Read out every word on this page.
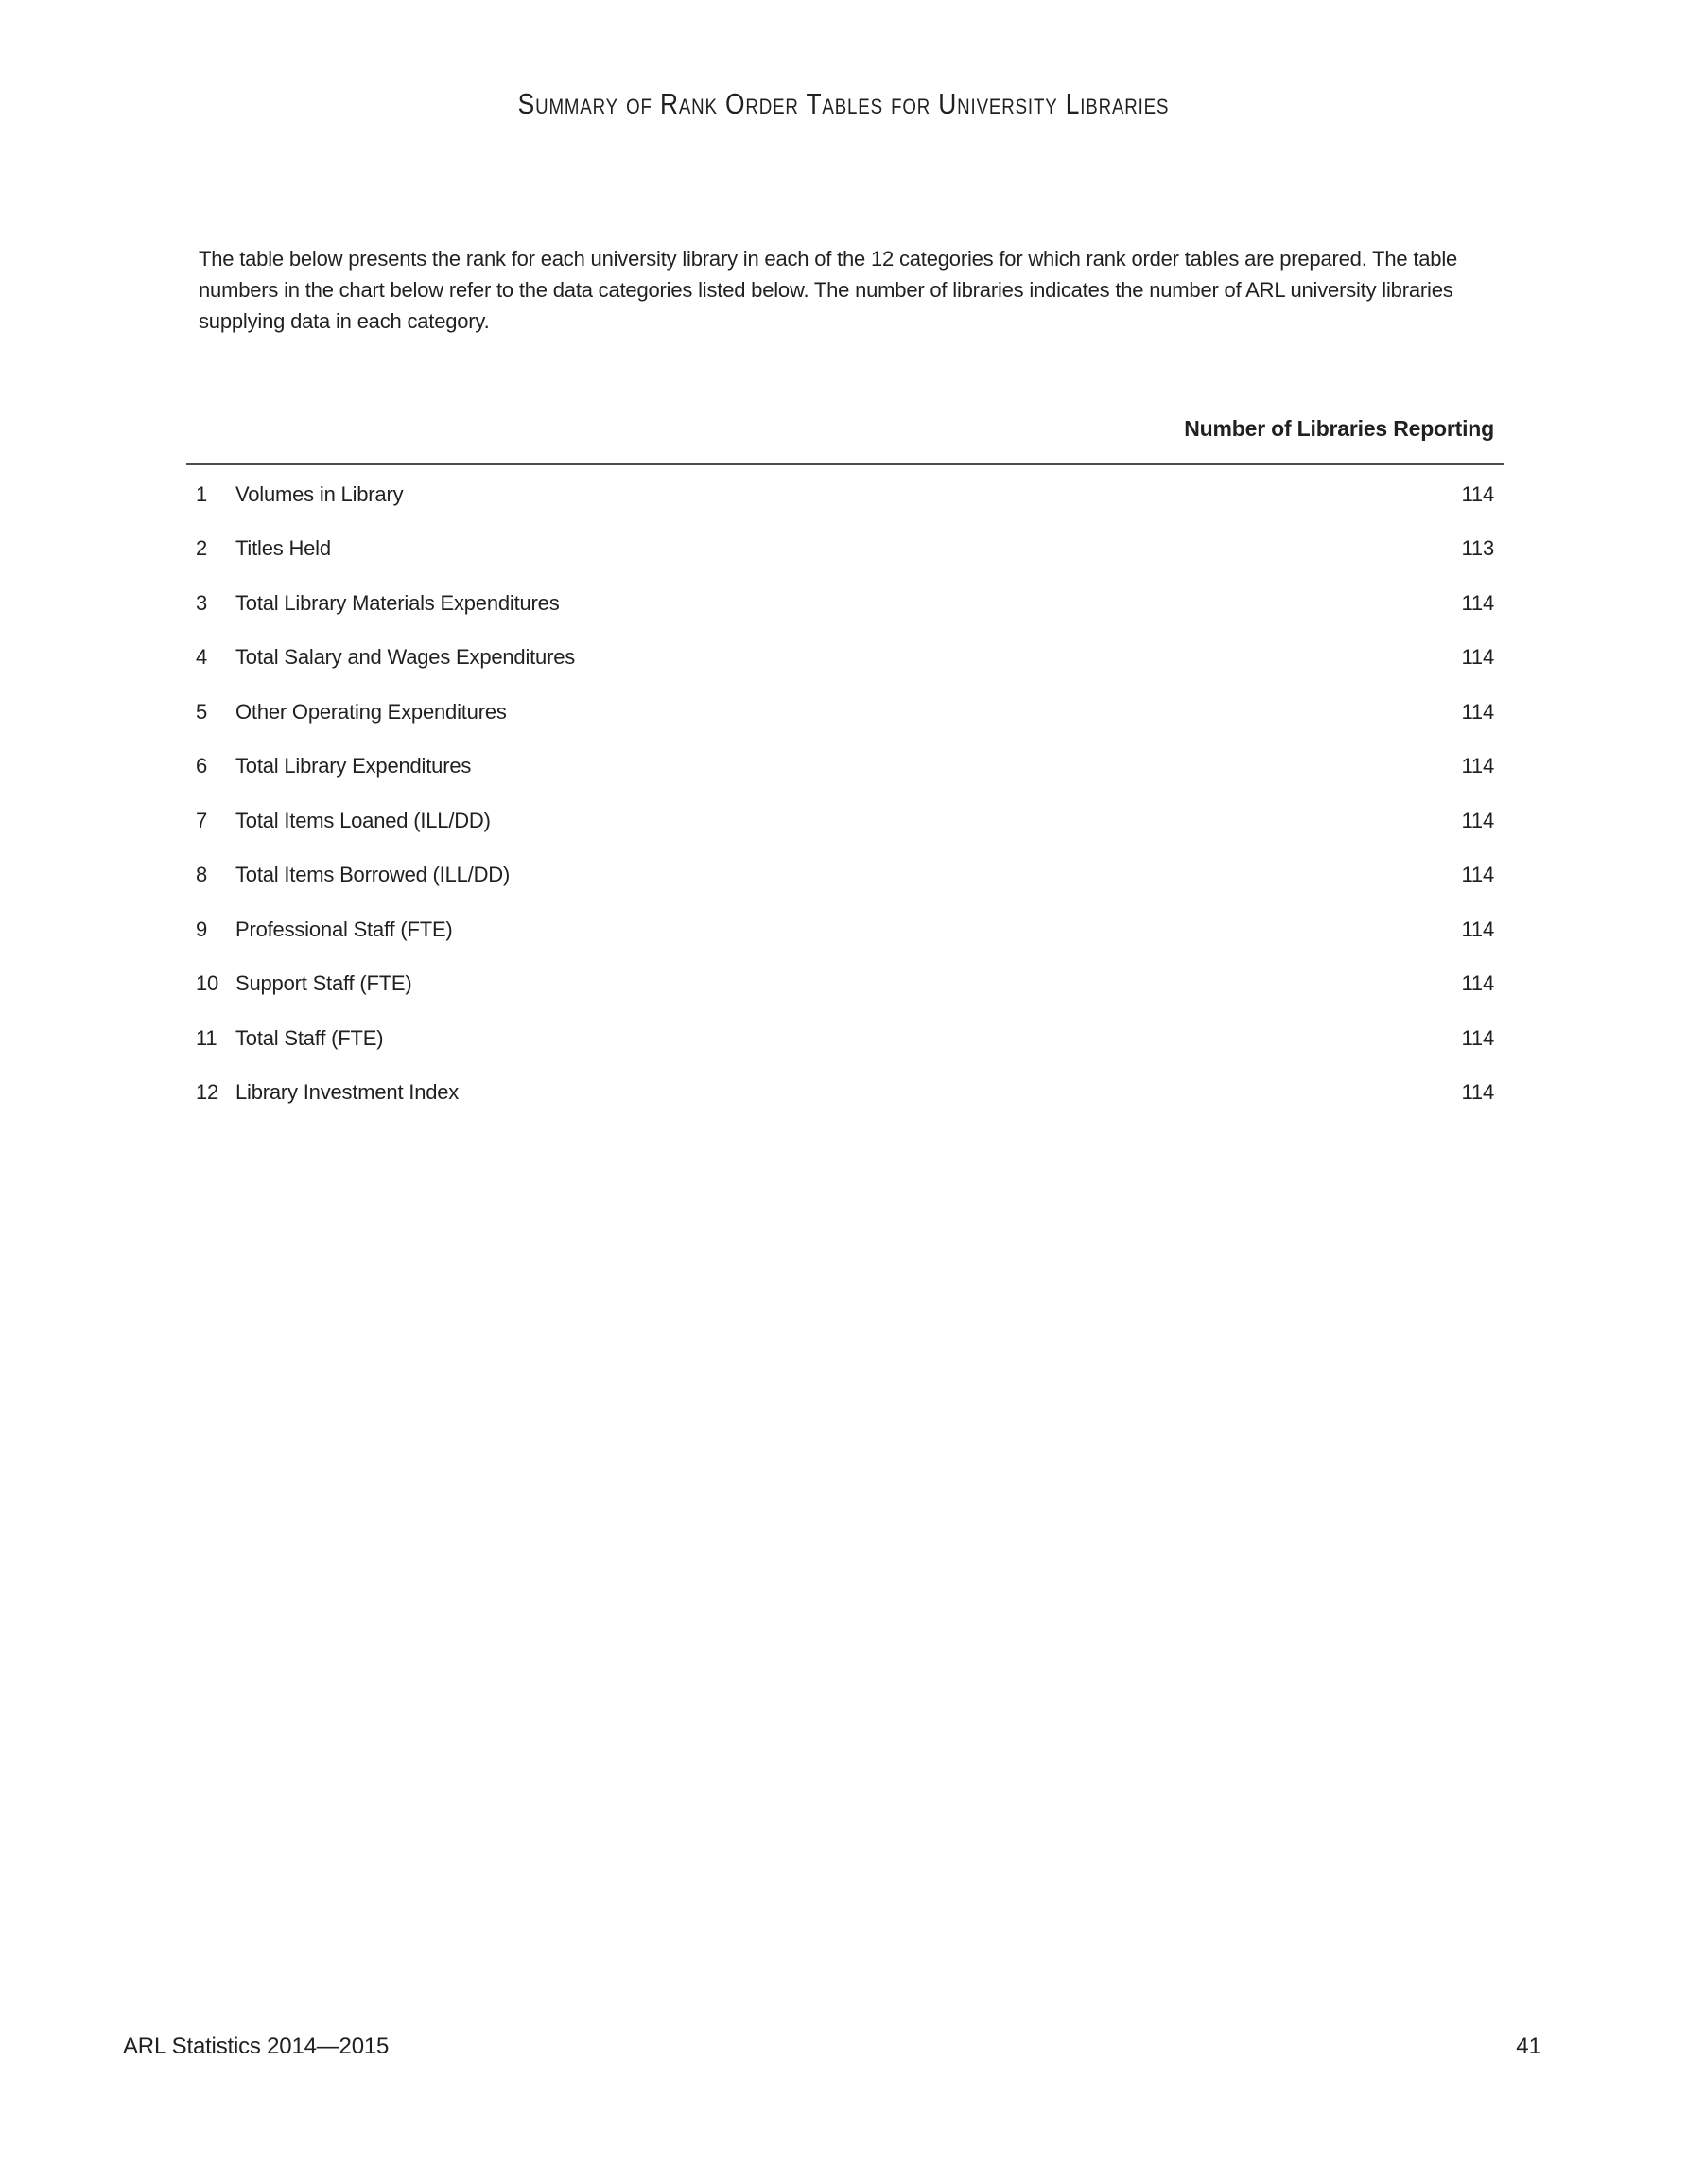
Summary of Rank Order Tables for University Libraries

The table below presents the rank for each university library in each of the 12 categories for which rank order tables are prepared. The table numbers in the chart below refer to the data categories listed below. The number of libraries indicates the number of ARL university libraries supplying data in each category.

Number of Libraries Reporting
1	Volumes in Library	114
2	Titles Held	113
3	Total Library Materials Expenditures	114
4	Total Salary and Wages Expenditures	114
5	Other Operating Expenditures	114
6	Total Library Expenditures	114
7	Total Items Loaned (ILL/DD)	114
8	Total Items Borrowed (ILL/DD)	114
9	Professional Staff (FTE)	114
10 Support Staff (FTE)	114
11 Total Staff (FTE)	114
12 Library Investment Index	114
ARL Statistics 2014—2015	41
